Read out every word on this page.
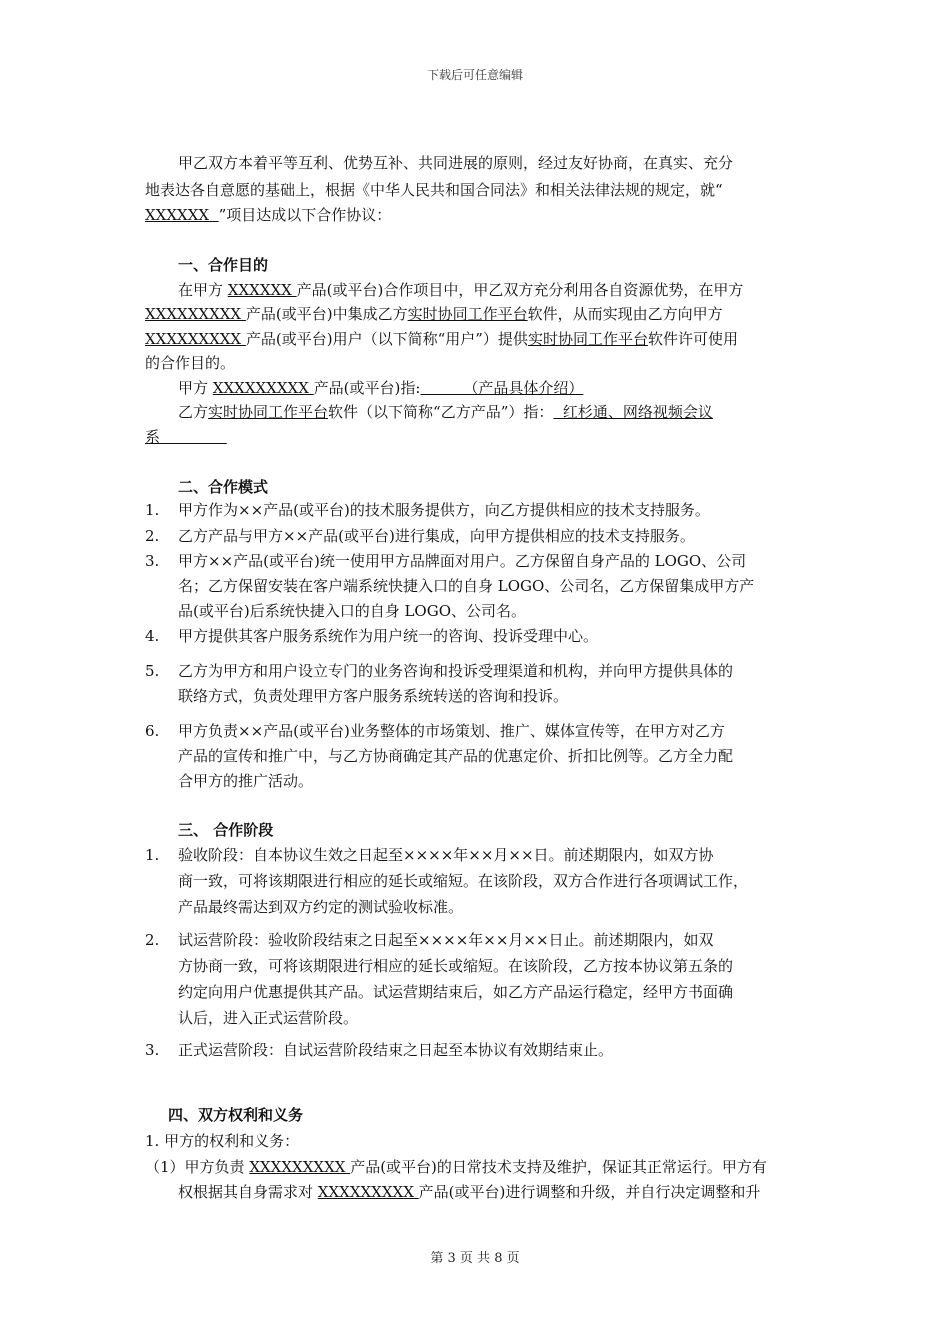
下载后可任意编辑
甲乙双方本着平等互利、优势互补、共同进展的原则，经过友好协商，在真实、充分
地表达各自意愿的基础上，根据《中华人民共和国合同法》和相关法律法规的规定，就“
XXXXXX  ”项目达成以下合作协议：
一、合作目的
在甲方 XXXXXX 产品(或平台)合作项目中，甲乙双方充分利用各自资源优势，在甲方
XXXXXXXXX 产品(或平台)中集成乙方实时协同工作平台软件，从而实现由乙方向甲方
XXXXXXXXX 产品(或平台)用户（以下简称“用户”）提供实时协同工作平台软件许可使用
的合作目的。
甲方 XXXXXXXXX 产品(或平台)指:         （产品具体介绍）
乙方实时协同工作平台软件（以下简称“乙方产品”）指：  红杉通、网络视频会议
系
二、合作模式
1. 甲方作为××产品(或平台)的技术服务提供方，向乙方提供相应的技术支持服务。
2. 乙方产品与甲方××产品(或平台)进行集成，向甲方提供相应的技术支持服务。
3. 甲方××产品(或平台)统一使用甲方品牌面对用户。乙方保留自身产品的 LOGO、公司
名；乙方保留安装在客户端系统快捷入口的自身 LOGO、公司名，乙方保留集成甲方产
品(或平台)后系统快捷入口的自身 LOGO、公司名。
4. 甲方提供其客户服务系统作为用户统一的咨询、投诉受理中心。
5. 乙方为甲方和用户设立专门的业务咨询和投诉受理渠道和机构，并向甲方提供具体的
联络方式，负责处理甲方客户服务系统转送的咨询和投诉。
6. 甲方负责××产品(或平台)业务整体的市场策划、推广、媒体宣传等，在甲方对乙方
产品的宣传和推广中，与乙方协商确定其产品的优惠定价、折扣比例等。乙方全力配
合甲方的推广活动。
三、 合作阶段
1. 验收阶段：自本协议生效之日起至××××年××月××日。前述期限内，如双方协
商一致，可将该期限进行相应的延长或缩短。在该阶段，双方合作进行各项调试工作，
产品最终需达到双方约定的测试验收标准。
2. 试运营阶段：验收阶段结束之日起至××××年××月××日止。前述期限内，如双
方协商一致，可将该期限进行相应的延长或缩短。在该阶段，乙方按本协议第五条的
约定向用户优惠提供其产品。试运营期结束后，如乙方产品运行稳定，经甲方书面确
认后，进入正式运营阶段。
3. 正式运营阶段：自试运营阶段结束之日起至本协议有效期结束止。
四、双方权利和义务
1. 甲方的权利和义务：
（1）甲方负责 XXXXXXXXX 产品(或平台)的日常技术支持及维护，保证其正常运行。甲方有
权根据其自身需求对 XXXXXXXXX 产品(或平台)进行调整和升级，并自行决定调整和升
第 3 页 共 8 页
